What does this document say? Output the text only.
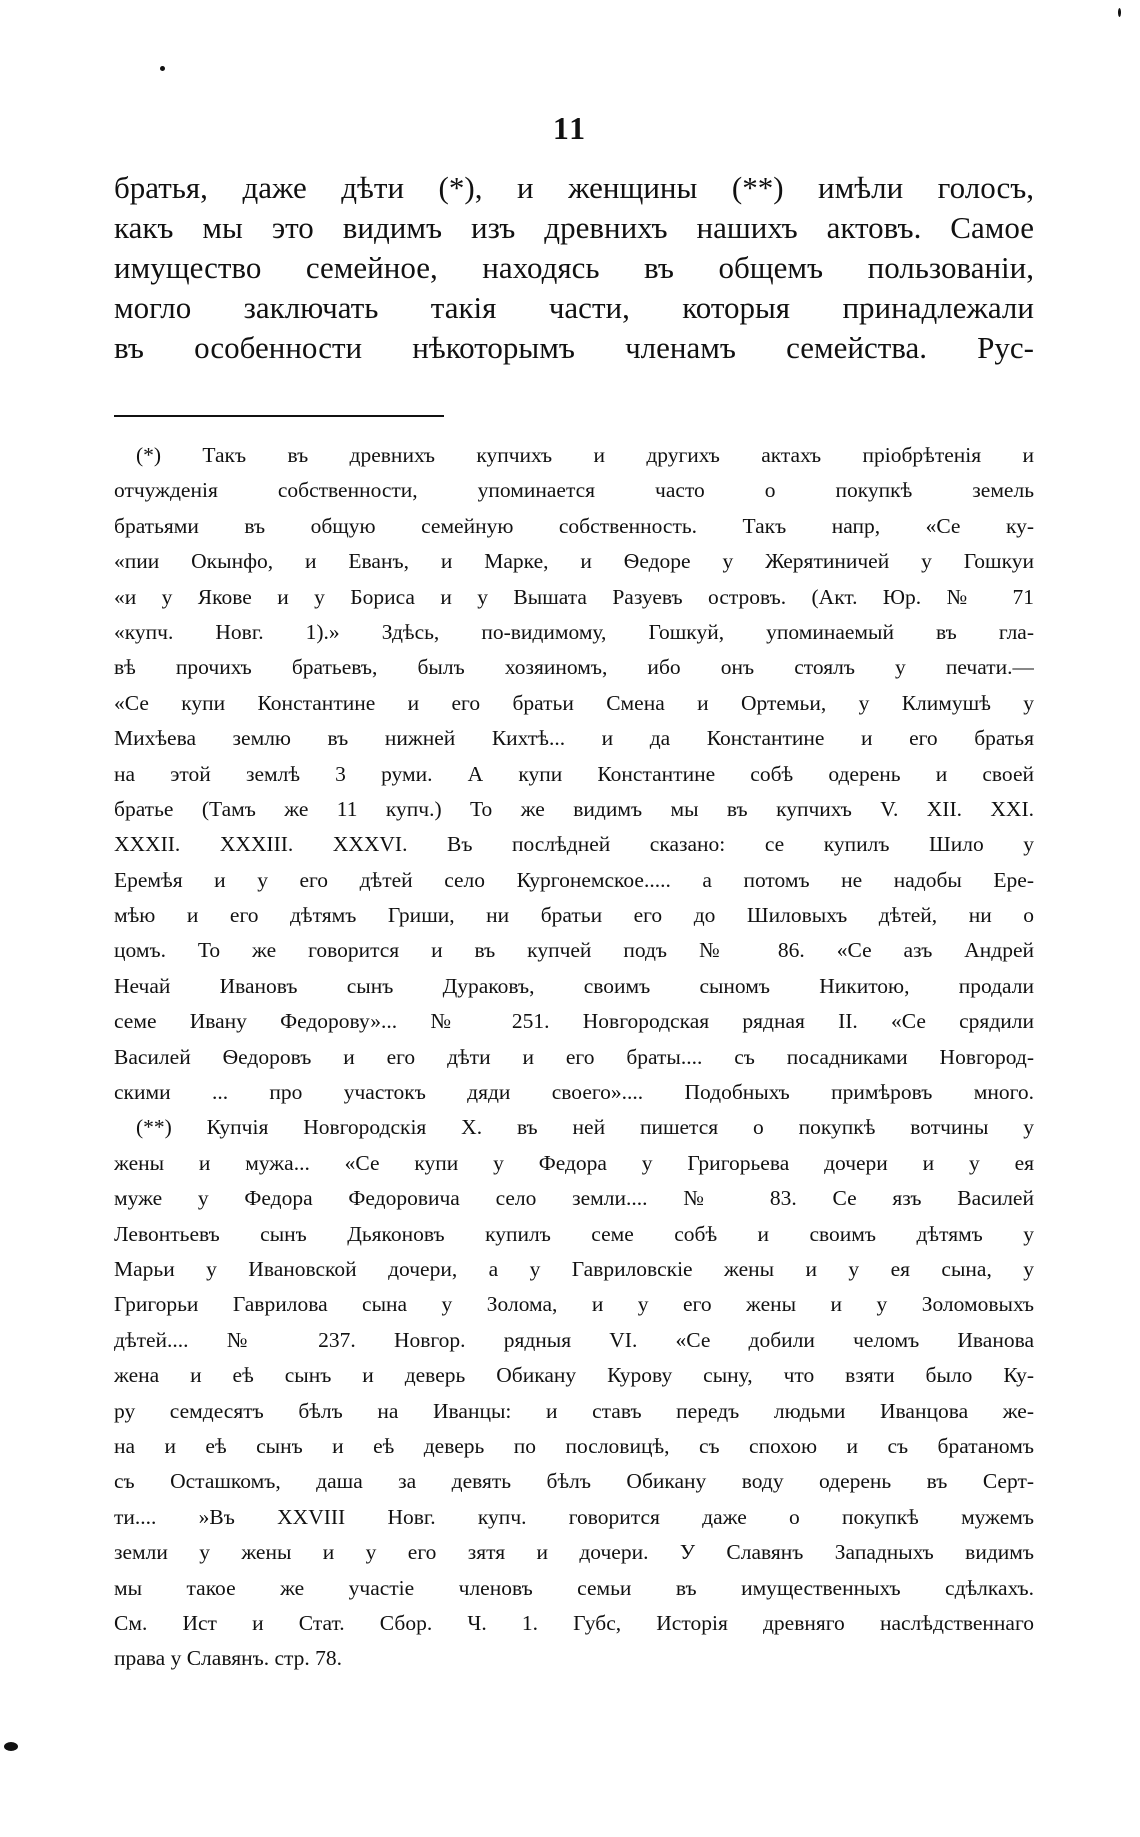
11
братья, даже дѣти (*), и женщины (**) имѣли голосъ,
какъ мы это видимъ изъ древнихъ нашихъ актовъ. Самое
имущество семейное, находясь въ общемъ пользованіи,
могло заключать такія части, которыя принадлежали
въ особенности нѣкоторымъ членамъ семейства. Рус-
(*) Такъ въ древнихъ купчихъ и другихъ актахъ пріобрѣтенія и
отчужденія собственности, упоминается часто о покупкѣ земель
братьями въ общую семейную собственность. Такъ напр, «Се ку-
«пии Окынфо, и Еванъ, и Марке, и Ѳедоре у Жерятиничей у Гошкуи
«и у Якове и у Бориса и у Вышата Разуевъ островъ. (Акт. Юр. № 71
«купч. Новг. 1).» Здѣсь, по-видимому, Гошкуй, упоминаемый въ гла-
вѣ прочихъ братьевъ, былъ хозяиномъ, ибо онъ стоялъ у печати.—
«Се купи Константине и его братьи Смена и Ортемьи, у Климушѣ у
Михѣева землю въ нижней Кихтѣ... и да Константине и его братья
на этой землѣ 3 руми. А купи Константине собѣ одерень и своей
братье (Тамъ же 11 купч.) То же видимъ мы въ купчихъ V. XII. XXI.
XXXII. XXXIII. XXXVI. Въ послѣдней сказано: се купилъ Шило у
Еремѣя и у его дѣтей село Кургонемское..... а потомъ не надобы Ере-
мѣю и его дѣтямъ Гриши, ни братьи его до Шиловыхъ дѣтей, ни о
цомъ. То же говорится и въ купчей подъ № 86. «Се азъ Андрей
Нечай Ивановъ сынъ Дураковъ, своимъ сыномъ Никитою, продали
семе Ивану Федорову»... № 251. Новгородская рядная II. «Се срядили
Василей Ѳедоровъ и его дѣти и его браты.... съ посадниками Новгород-
скими ... про участокъ дяди своего».... Подобныхъ примѣровъ много.
(**) Купчія Новгородскія X. въ ней пишется о покупкѣ вотчины у
жены и мужа... «Се купи у Федора у Григорьева дочери и у ея
муже у Федора Федоровича село земли.... № 83. Се язъ Василей
Левонтьевъ сынъ Дьяконовъ купилъ семе собѣ и своимъ дѣтямъ у
Марьи у Ивановской дочери, а у Гавриловскіе жены и у ея сына, у
Григорьи Гаврилова сына у Золома, и у его жены и у Золомовыхъ
дѣтей.... № 237. Новгор. рядныя VI. «Се добили челомъ Иванова
жена и еѣ сынъ и деверь Обикану Курову сыну, что взяти было Ку-
ру семдесятъ бѣлъ на Иванцы: и ставъ передъ людьми Иванцова же-
на и еѣ сынъ и еѣ деверь по пословицѣ, съ спохою и съ братаномъ
съ Осташкомъ, даша за девять бѣлъ Обикану воду одерень въ Серт-
ти.... »Въ XXVIII Новг. купч. говорится даже о покупкѣ мужемъ
земли у жены и у его зятя и дочери. У Славянъ Западныхъ видимъ
мы такое же участіе членовъ семьи въ имущественныхъ сдѣлкахъ.
См. Ист и Стат. Сбор. Ч. 1. Губс, Исторія древняго наслѣдственнаго
права у Славянъ. стр. 78.
